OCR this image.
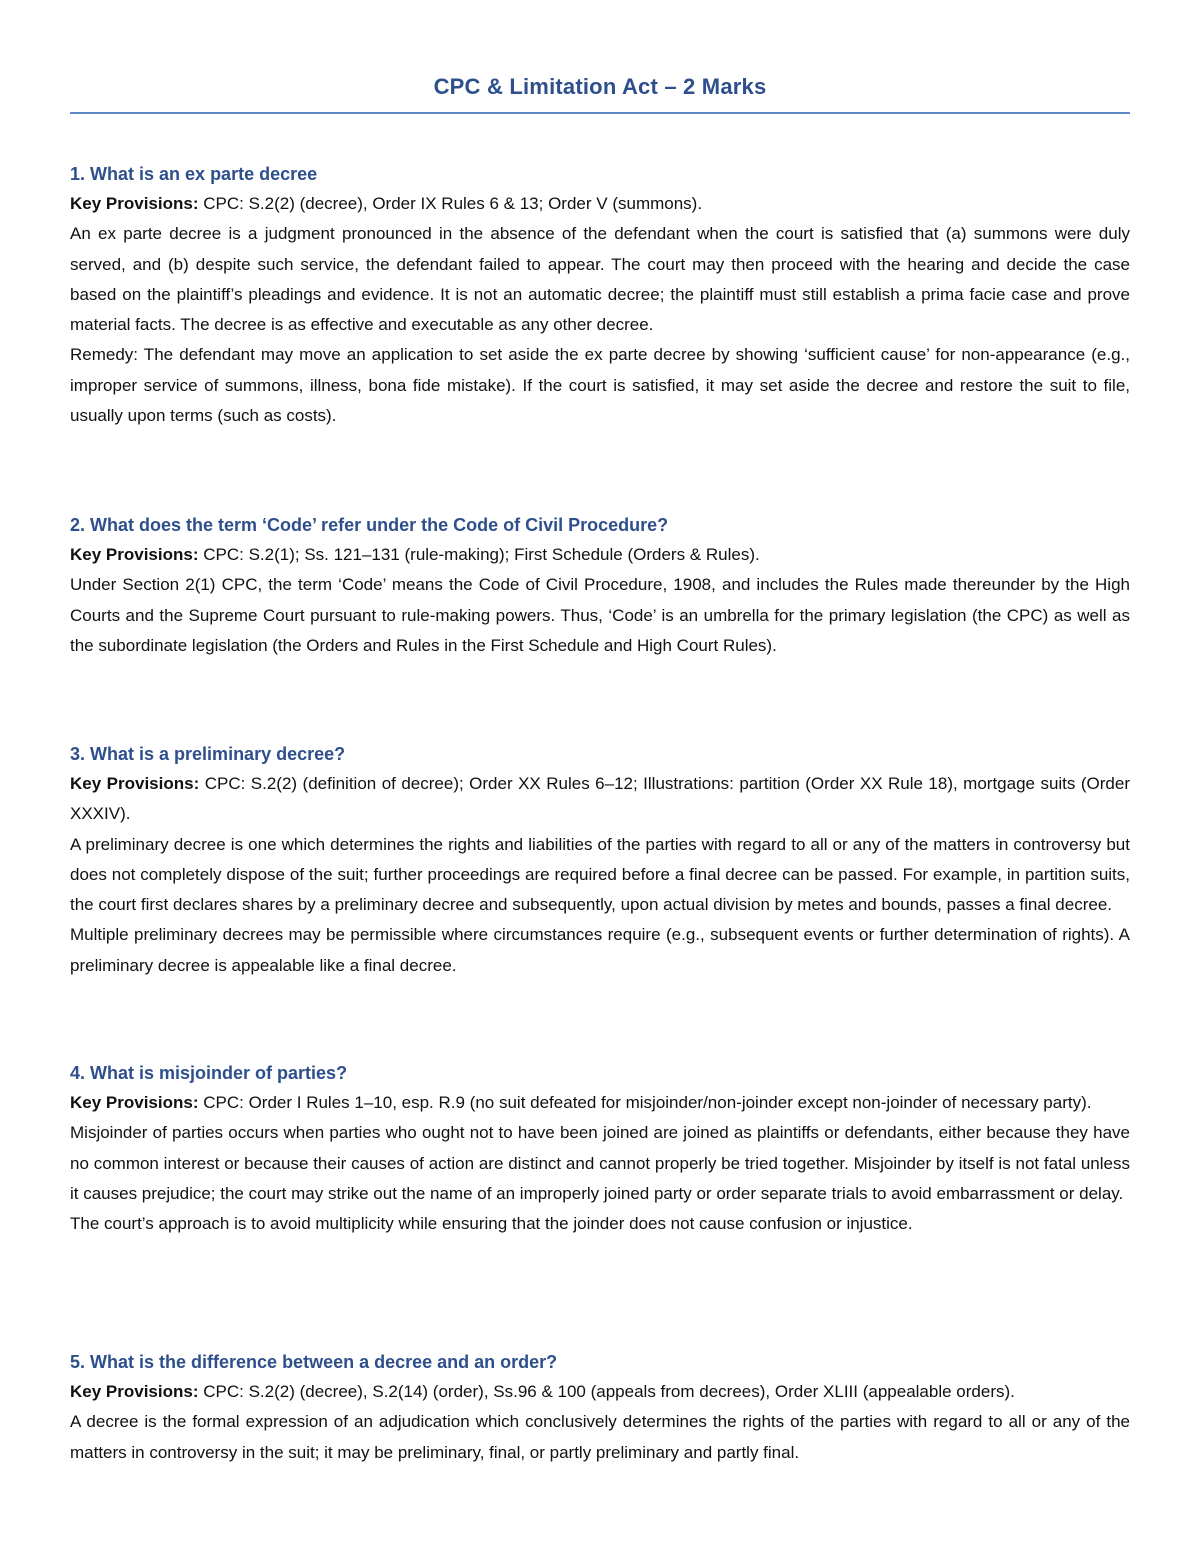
CPC & Limitation Act – 2 Marks
1. What is an ex parte decree

Key Provisions: CPC: S.2(2) (decree), Order IX Rules 6 & 13; Order V (summons).

An ex parte decree is a judgment pronounced in the absence of the defendant when the court is satisfied that (a) summons were duly served, and (b) despite such service, the defendant failed to appear. The court may then proceed with the hearing and decide the case based on the plaintiff’s pleadings and evidence. It is not an automatic decree; the plaintiff must still establish a prima facie case and prove material facts. The decree is as effective and executable as any other decree.

Remedy: The defendant may move an application to set aside the ex parte decree by showing ‘sufficient cause’ for non-appearance (e.g., improper service of summons, illness, bona fide mistake). If the court is satisfied, it may set aside the decree and restore the suit to file, usually upon terms (such as costs).

2. What does the term ‘Code’ refer under the Code of Civil Procedure?

Key Provisions: CPC: S.2(1); Ss. 121–131 (rule-making); First Schedule (Orders & Rules).

Under Section 2(1) CPC, the term ‘Code’ means the Code of Civil Procedure, 1908, and includes the Rules made thereunder by the High Courts and the Supreme Court pursuant to rule-making powers. Thus, ‘Code’ is an umbrella for the primary legislation (the CPC) as well as the subordinate legislation (the Orders and Rules in the First Schedule and High Court Rules).

3. What is a preliminary decree?

Key Provisions: CPC: S.2(2) (definition of decree); Order XX Rules 6–12; Illustrations: partition (Order XX Rule 18), mortgage suits (Order XXXIV).

A preliminary decree is one which determines the rights and liabilities of the parties with regard to all or any of the matters in controversy but does not completely dispose of the suit; further proceedings are required before a final decree can be passed. For example, in partition suits, the court first declares shares by a preliminary decree and subsequently, upon actual division by metes and bounds, passes a final decree.

Multiple preliminary decrees may be permissible where circumstances require (e.g., subsequent events or further determination of rights). A preliminary decree is appealable like a final decree.

4. What is misjoinder of parties?

Key Provisions: CPC: Order I Rules 1–10, esp. R.9 (no suit defeated for misjoinder/non-joinder except non-joinder of necessary party).

Misjoinder of parties occurs when parties who ought not to have been joined are joined as plaintiffs or defendants, either because they have no common interest or because their causes of action are distinct and cannot properly be tried together. Misjoinder by itself is not fatal unless it causes prejudice; the court may strike out the name of an improperly joined party or order separate trials to avoid embarrassment or delay.

The court’s approach is to avoid multiplicity while ensuring that the joinder does not cause confusion or injustice.

5. What is the difference between a decree and an order?

Key Provisions: CPC: S.2(2) (decree), S.2(14) (order), Ss.96 & 100 (appeals from decrees), Order XLIII (appealable orders).

A decree is the formal expression of an adjudication which conclusively determines the rights of the parties with regard to all or any of the matters in controversy in the suit; it may be preliminary, final, or partly preliminary and partly final.
